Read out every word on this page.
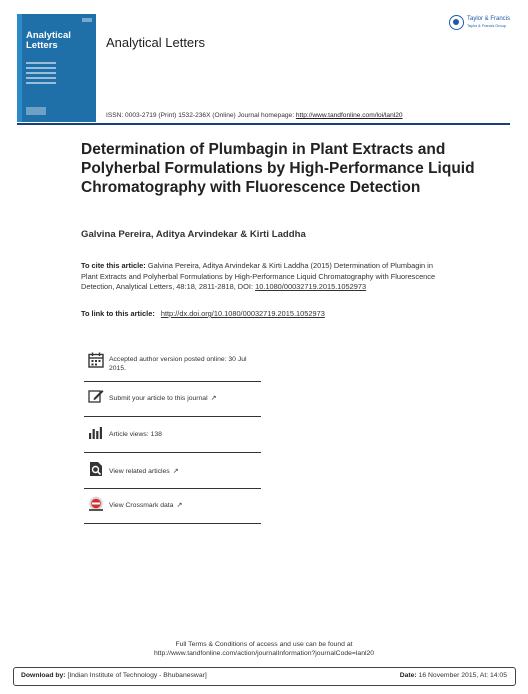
Analytical Letters	Analytical Letters
Taylor & Francis
Taylor & Francis Group
ISSN: 0003-2719 (Print) 1532-236X (Online) Journal homepage: http://www.tandfonline.com/loi/lanl20
Determination of Plumbagin in Plant Extracts and Polyherbal Formulations by High-Performance Liquid Chromatography with Fluorescence Detection
Galvina Pereira, Aditya Arvindekar & Kirti Laddha
To cite this article: Galvina Pereira, Aditya Arvindekar & Kirti Laddha (2015) Determination of Plumbagin in Plant Extracts and Polyherbal Formulations by High-Performance Liquid Chromatography with Fluorescence Detection, Analytical Letters, 48:18, 2811-2818, DOI: 10.1080/00032719.2015.1052973
To link to this article: http://dx.doi.org/10.1080/00032719.2015.1052973
Accepted author version posted online: 30 Jul 2015.
Submit your article to this journal ↗
Article views: 138
View related articles ↗
View Crossmark data ↗
Full Terms & Conditions of access and use can be found at
http://www.tandfonline.com/action/journalInformation?journalCode=lanl20
Download by: [Indian Institute of Technology - Bhubaneswar]	Date: 16 November 2015, At: 14:05
